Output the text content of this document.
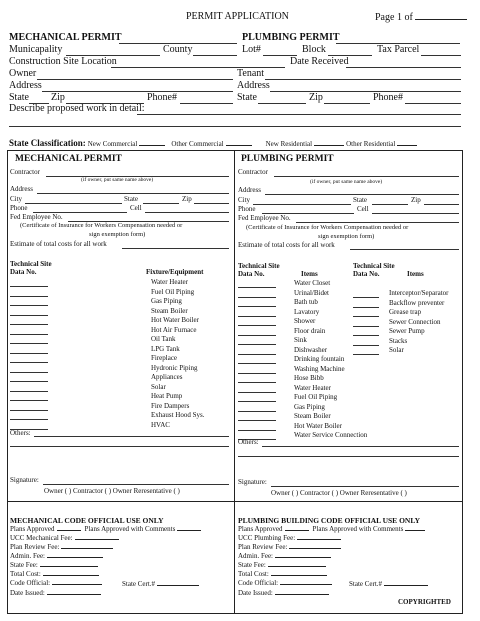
PERMIT APPLICATION	Page 1 of
MECHANICAL PERMIT	PLUMBING PERMIT
Municapality	County	Lot#	Block	Tax Parcel
Construction Site Location	Date Received
Owner	Tenant
Address	Address
State Zip	Phone#	State	Zip	Phone#
Describe proposed work in detail:
State Classification: New Commercial	Other Commercial	New Residential	Other Residential
MECHANICAL PERMIT
Contractor
(if owner, put same name above)
Address
City	State	Zip
Phone	Cell
Fed Employee No.
(Certificate of Insurance for Workers Compensation needed or
sign exemption form)
Estimate of total costs for all work
Technical Site
Data No.	Fixture/Equipment
Water Heater
Fuel Oil Piping
Gas Piping
Steam Boiler
Hot Water Boiler
Hot Air Furnace
Oil Tank
LPG Tank
Fireplace
Hydronic Piping
Appliances
Solar
Heat Pump
Fire Dampers
Exhaust Hood Sys.
HVAC
Others:
Signature:
Owner ( ) Contractor ( ) Owner Reresentative ( )
PLUMBING PERMIT
Contractor
(if owner, put same name above)
Address
City	State	Zip
Phone	Cell
Fed Employee No.
(Certificate of Insurance for Workers Compensation needed or
sign exemption form)
Estimate of total costs for all work
Technical Site
Data No.	Items
Technical Site
Data No.	Items
Water Closet
Urinal/Bidet
Bath tub
Lavatory
Shower
Floor drain
Sink
Dishwasher
Drinking fountain
Washing Machine
Hose Bibb
Water Heater
Fuel Oil Piping
Gas Piping
Steam Boiler
Hot Water Boiler
Water Service Connection
Interceptor/Separator
Backflow preventer
Grease trap
Sewer Connection
Sewer Pump
Stacks
Solar
Others:
Signature:
Owner ( ) Contractor ( ) Owner Reresentative ( )
MECHANICAL CODE OFFICIAL USE ONLY
Plans Approved	Plans Approved with Comments
UCC Mechanical Fee:
Plan Review Fee:
Admin. Fee:
State Fee:
Total Cost:
Code Official:	State Cert.#
Date Issued:
PLUMBING BUILDING CODE OFFICIAL USE ONLY
Plans Approved	Plans Approved with Comments
UCC Plumbing Fee:
Plan Review Fee:
Admin. Fee:
State Fee:
Total Cost:
Code Official:	State Cert.#
Date Issued:
COPYRIGHTED
